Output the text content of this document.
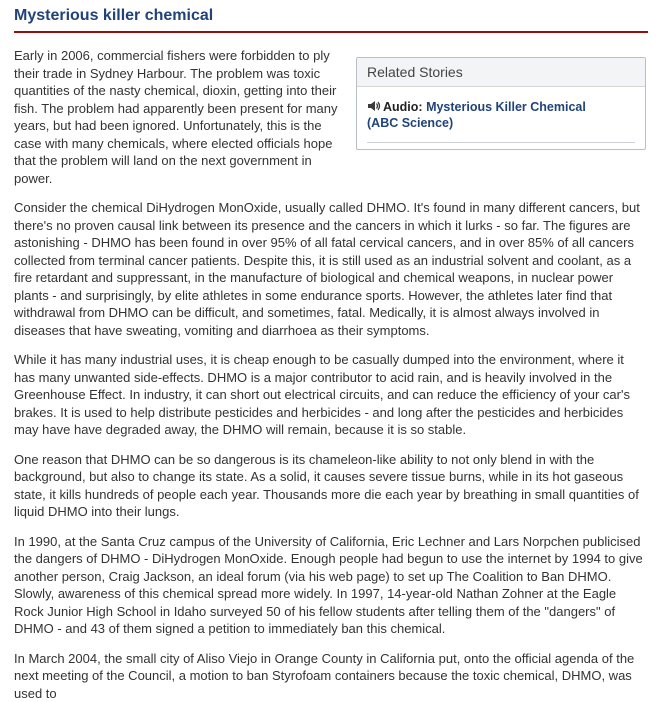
Mysterious killer chemical
Related Stories
Audio: Mysterious Killer Chemical
(ABC Science)

Early in 2006, commercial fishers were forbidden to ply their trade in Sydney Harbour. The problem was toxic quantities of the nasty chemical, dioxin, getting into their fish. The problem had apparently been present for many years, but had been ignored. Unfortunately, this is the case with many chemicals, where elected officials hope that the problem will land on the next government in power.

Consider the chemical DiHydrogen MonOxide, usually called DHMO. It's found in many different cancers, but there's no proven causal link between its presence and the cancers in which it lurks - so far. The figures are astonishing - DHMO has been found in over 95% of all fatal cervical cancers, and in over 85% of all cancers collected from terminal cancer patients. Despite this, it is still used as an industrial solvent and coolant, as a fire retardant and suppressant, in the manufacture of biological and chemical weapons, in nuclear power plants - and surprisingly, by elite athletes in some endurance sports. However, the athletes later find that withdrawal from DHMO can be difficult, and sometimes, fatal. Medically, it is almost always involved in diseases that have sweating, vomiting and diarrhoea as their symptoms.

While it has many industrial uses, it is cheap enough to be casually dumped into the environment, where it has many unwanted side-effects. DHMO is a major contributor to acid rain, and is heavily involved in the Greenhouse Effect. In industry, it can short out electrical circuits, and can reduce the efficiency of your car's brakes. It is used to help distribute pesticides and herbicides - and long after the pesticides and herbicides may have have degraded away, the DHMO will remain, because it is so stable.

One reason that DHMO can be so dangerous is its chameleon-like ability to not only blend in with the background, but also to change its state. As a solid, it causes severe tissue burns, while in its hot gaseous state, it kills hundreds of people each year. Thousands more die each year by breathing in small quantities of liquid DHMO into their lungs.

In 1990, at the Santa Cruz campus of the University of California, Eric Lechner and Lars Norpchen publicised the dangers of DHMO - DiHydrogen MonOxide. Enough people had begun to use the internet by 1994 to give another person, Craig Jackson, an ideal forum (via his web page) to set up The Coalition to Ban DHMO. Slowly, awareness of this chemical spread more widely. In 1997, 14-year-old Nathan Zohner at the Eagle Rock Junior High School in Idaho surveyed 50 of his fellow students after telling them of the "dangers" of DHMO - and 43 of them signed a petition to immediately ban this chemical.

In March 2004, the small city of Aliso Viejo in Orange County in California put, onto the official agenda of the next meeting of the Council, a motion to ban Styrofoam containers because the toxic chemical, DHMO, was used to
